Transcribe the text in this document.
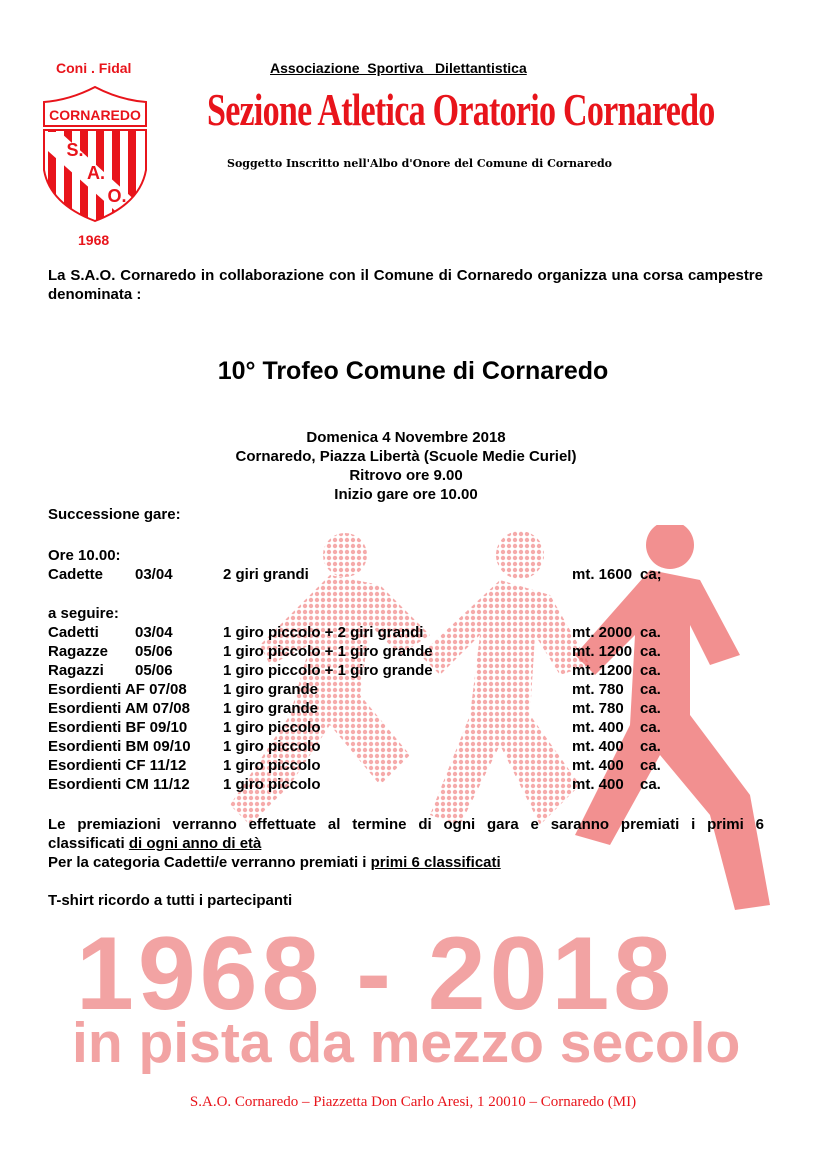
Coni . Fidal
CORNAREDO
S.
A.
O.
1968
Associazione  Sportiva   Dilettantistica
Sezione Atletica Oratorio Cornaredo
Soggetto Inscritto nell'Albo d'Onore del Comune di Cornaredo
La S.A.O. Cornaredo in collaborazione con il Comune di Cornaredo organizza una corsa campestre denominata :
10° Trofeo Comune di Cornaredo
Domenica 4 Novembre 2018
Cornaredo, Piazza Libertà (Scuole Medie Curiel)
Ritrovo ore 9.00
Inizio gare ore 10.00
Successione gare:
Ore 10.00:
Cadette 03/04	2 giri grandi	mt. 1600 ca;
a seguire:
Cadetti 03/04	1 giro piccolo + 2 giri grandi	mt. 2000 ca.
Ragazze 05/06	1 giro piccolo + 1 giro grande	mt. 1200 ca.
Ragazzi 05/06	1 giro piccolo + 1 giro grande	mt. 1200 ca.
Esordienti AF 07/08 1 giro grande	mt. 780 ca.
Esordienti AM 07/08 1 giro grande	mt. 780 ca.
Esordienti BF 09/10 1 giro piccolo	mt. 400 ca.
Esordienti BM 09/10 1 giro piccolo	mt. 400 ca.
Esordienti CF 11/12 1 giro piccolo	mt. 400 ca.
Esordienti CM 11/12 1 giro piccolo	mt. 400 ca.
Le premiazioni verranno effettuate al termine di ogni gara e saranno premiati i primi 6
classificati di ogni anno di età
Per la categoria Cadetti/e verranno premiati i primi 6 classificati
T-shirt ricordo a tutti i partecipanti
1968 - 2018
in pista da mezzo secolo
S.A.O. Cornaredo – Piazzetta Don Carlo Aresi, 1 20010 – Cornaredo (MI)
